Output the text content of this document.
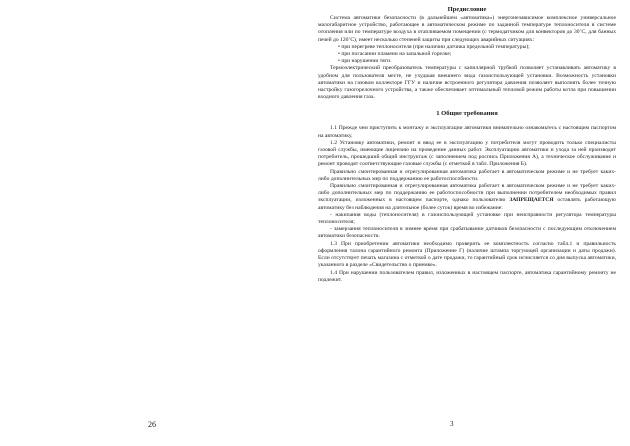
26
Предисловие

Система автоматики безопасности (в дальнейшем «автоматика») энергонезависимое комплексное универсальное малогабаритное устройство, работающее в автоматическом режиме по заданной температуре теплоносителя в системе отопления или по температуре воздуха в отапливаемом помещении (с термодатчиком для конвекторов до 30˚С, для банных печей до 120˚С), имеет несколько степеней защиты при следующих аварийных ситуациях:

• при перегреве теплоносителя (при наличии датчика предельной температуры);

• при погасании пламени на запальной горелке;

• при нарушении тяги.

Термоэлектрический преобразователь температуры с капиллярной трубкой позволяет устанавливать автоматику в удобном для пользователя месте, не ухудшая внешнего вида газоиспользующей установки. Возможность установки автоматики на газовом коллекторе ГГУ и наличие встроенного регулятора давления позволяет выполнять более точную настройку газогорелочного устройства, а также обеспечивает оптимальный тепловой режим работы котла при повышении входного давления газа.

1 Общие требования

1.1 Прежде чем приступить к монтажу и эксплуатации автоматики внимательно ознакомьтесь с настоящим паспортом на автоматику.

1.2 Установку автоматики, ремонт и ввод ее в эксплуатацию у потребителя могут проводить только специалисты газовой службы, имеющие лицензию на проведение данных работ. Эксплуатацию автоматики и ухода за ней производит потребитель, прошедший общий инструктаж (с заполнением под роспись Приложения А), а техническое обслуживание и ремонт проводят соответствующие газовые службы (с отметкой в табл. Приложения Б).

Правильно смонтированная и отрегулированная автоматика работает в автоматическом режиме и не требует каких-либо дополнительных мер по поддержанию ее работоспособности.

Правильно смонтированная и отрегулированная автоматика работает в автоматическом режиме и не требует каких-либо дополнительных мер по поддержанию ее работоспособности при выполнении потребителем необходимых правил эксплуатации, изложенных в настоящем паспорте, однако пользователю ЗАПРЕЩАЕТСЯ оставлять работающую автоматику без наблюдения на длительное (более суток) время во избежание:

- накипания воды (теплоносителя) в газоиспользующей установке при неисправности регулятора температуры теплоносителя;

- замерзания теплоносителя в зимнее время при срабатывании датчиков безопасности с последующим отключением автоматики безопасности.

1.3 При приобретении автоматики необходимо проверить ее комплектность согласно табл.1 и правильность оформления талона гарантийного ремонта (Приложение Г) (наличие штампа торгующей организации и даты продажи). Если отсутствует печать магазина с отметкой о дате продажи, то гарантийный срок исчисляется со дня выпуска автоматики, указанного в разделе «Свидетельство о приемке».

1.4 При нарушении пользователем правил, изложенных в настоящем паспорте, автоматика гарантийному ремонту не подлежит.

3
